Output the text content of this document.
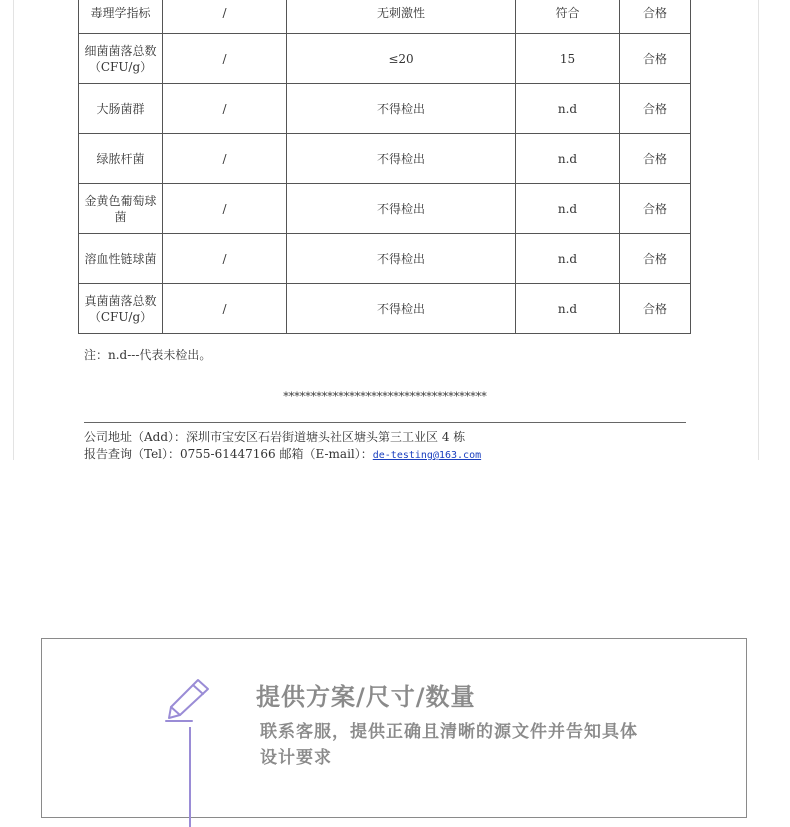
毒理学指标	/	无刺激性	符合	合格
细菌菌落总数（CFU/g）	/	≤20	15	合格
大肠菌群	/	不得检出	n.d	合格
绿脓杆菌	/	不得检出	n.d	合格
金黄色葡萄球菌	/	不得检出	n.d	合格
溶血性链球菌	/	不得检出	n.d	合格
真菌菌落总数（CFU/g）	/	不得检出	n.d	合格
注：n.d---代表未检出。
*************************************
公司地址（Add）：深圳市宝安区石岩街道塘头社区塘头第三工业区 4 栋
报告查询（Tel）：0755-61447166 邮箱（E-mail）：de-testing@163.com
提供方案/尺寸/数量
联系客服，提供正确且清晰的源文件并告知具体设计要求
